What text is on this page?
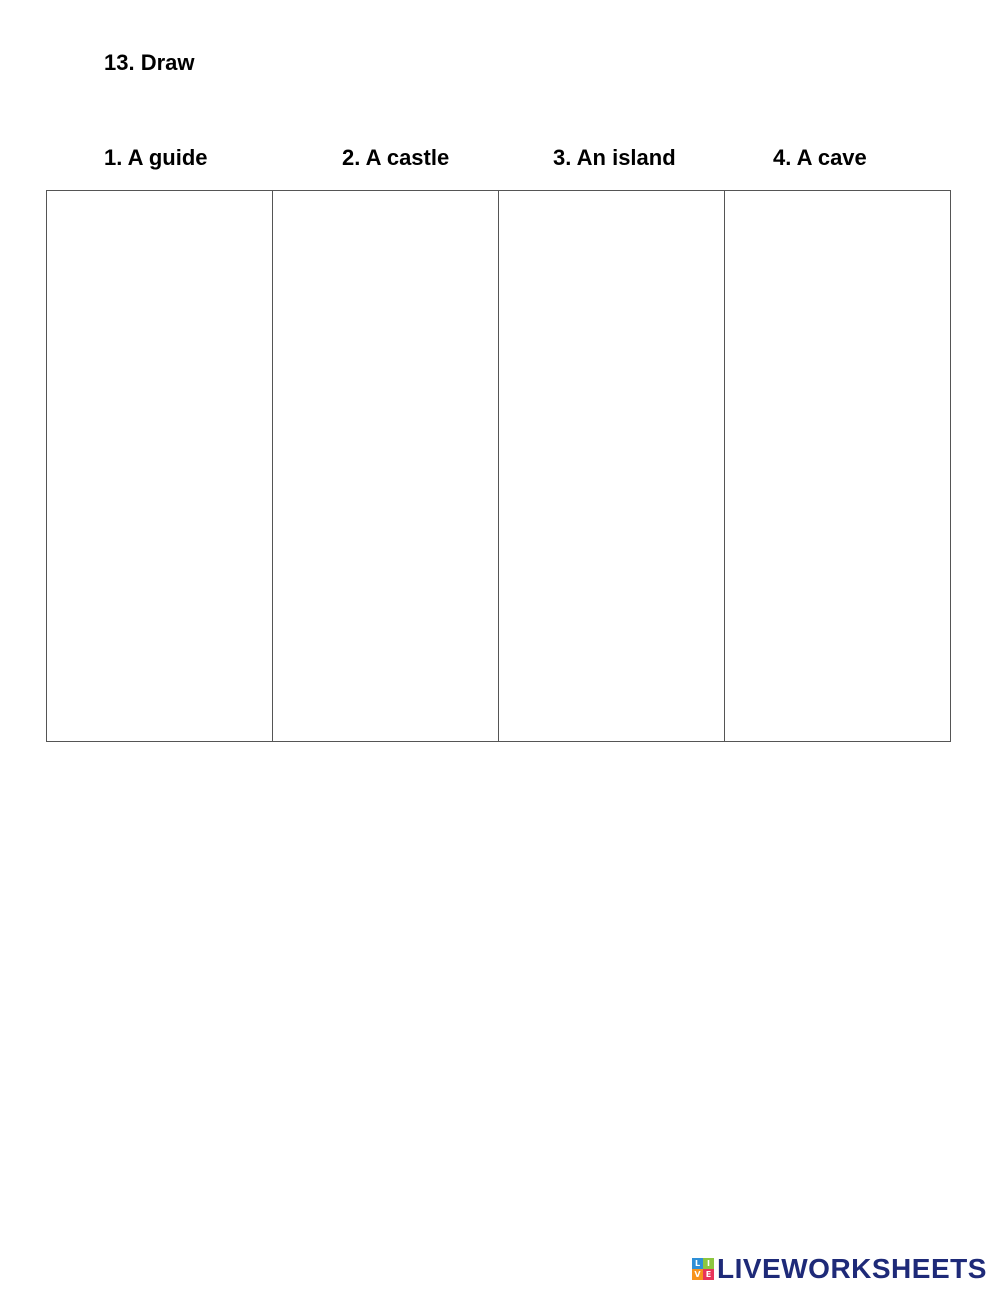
13. Draw
1. A guide	2. A castle	3. An island	4. A cave

L I
V E LIVEWORKSHEETS
